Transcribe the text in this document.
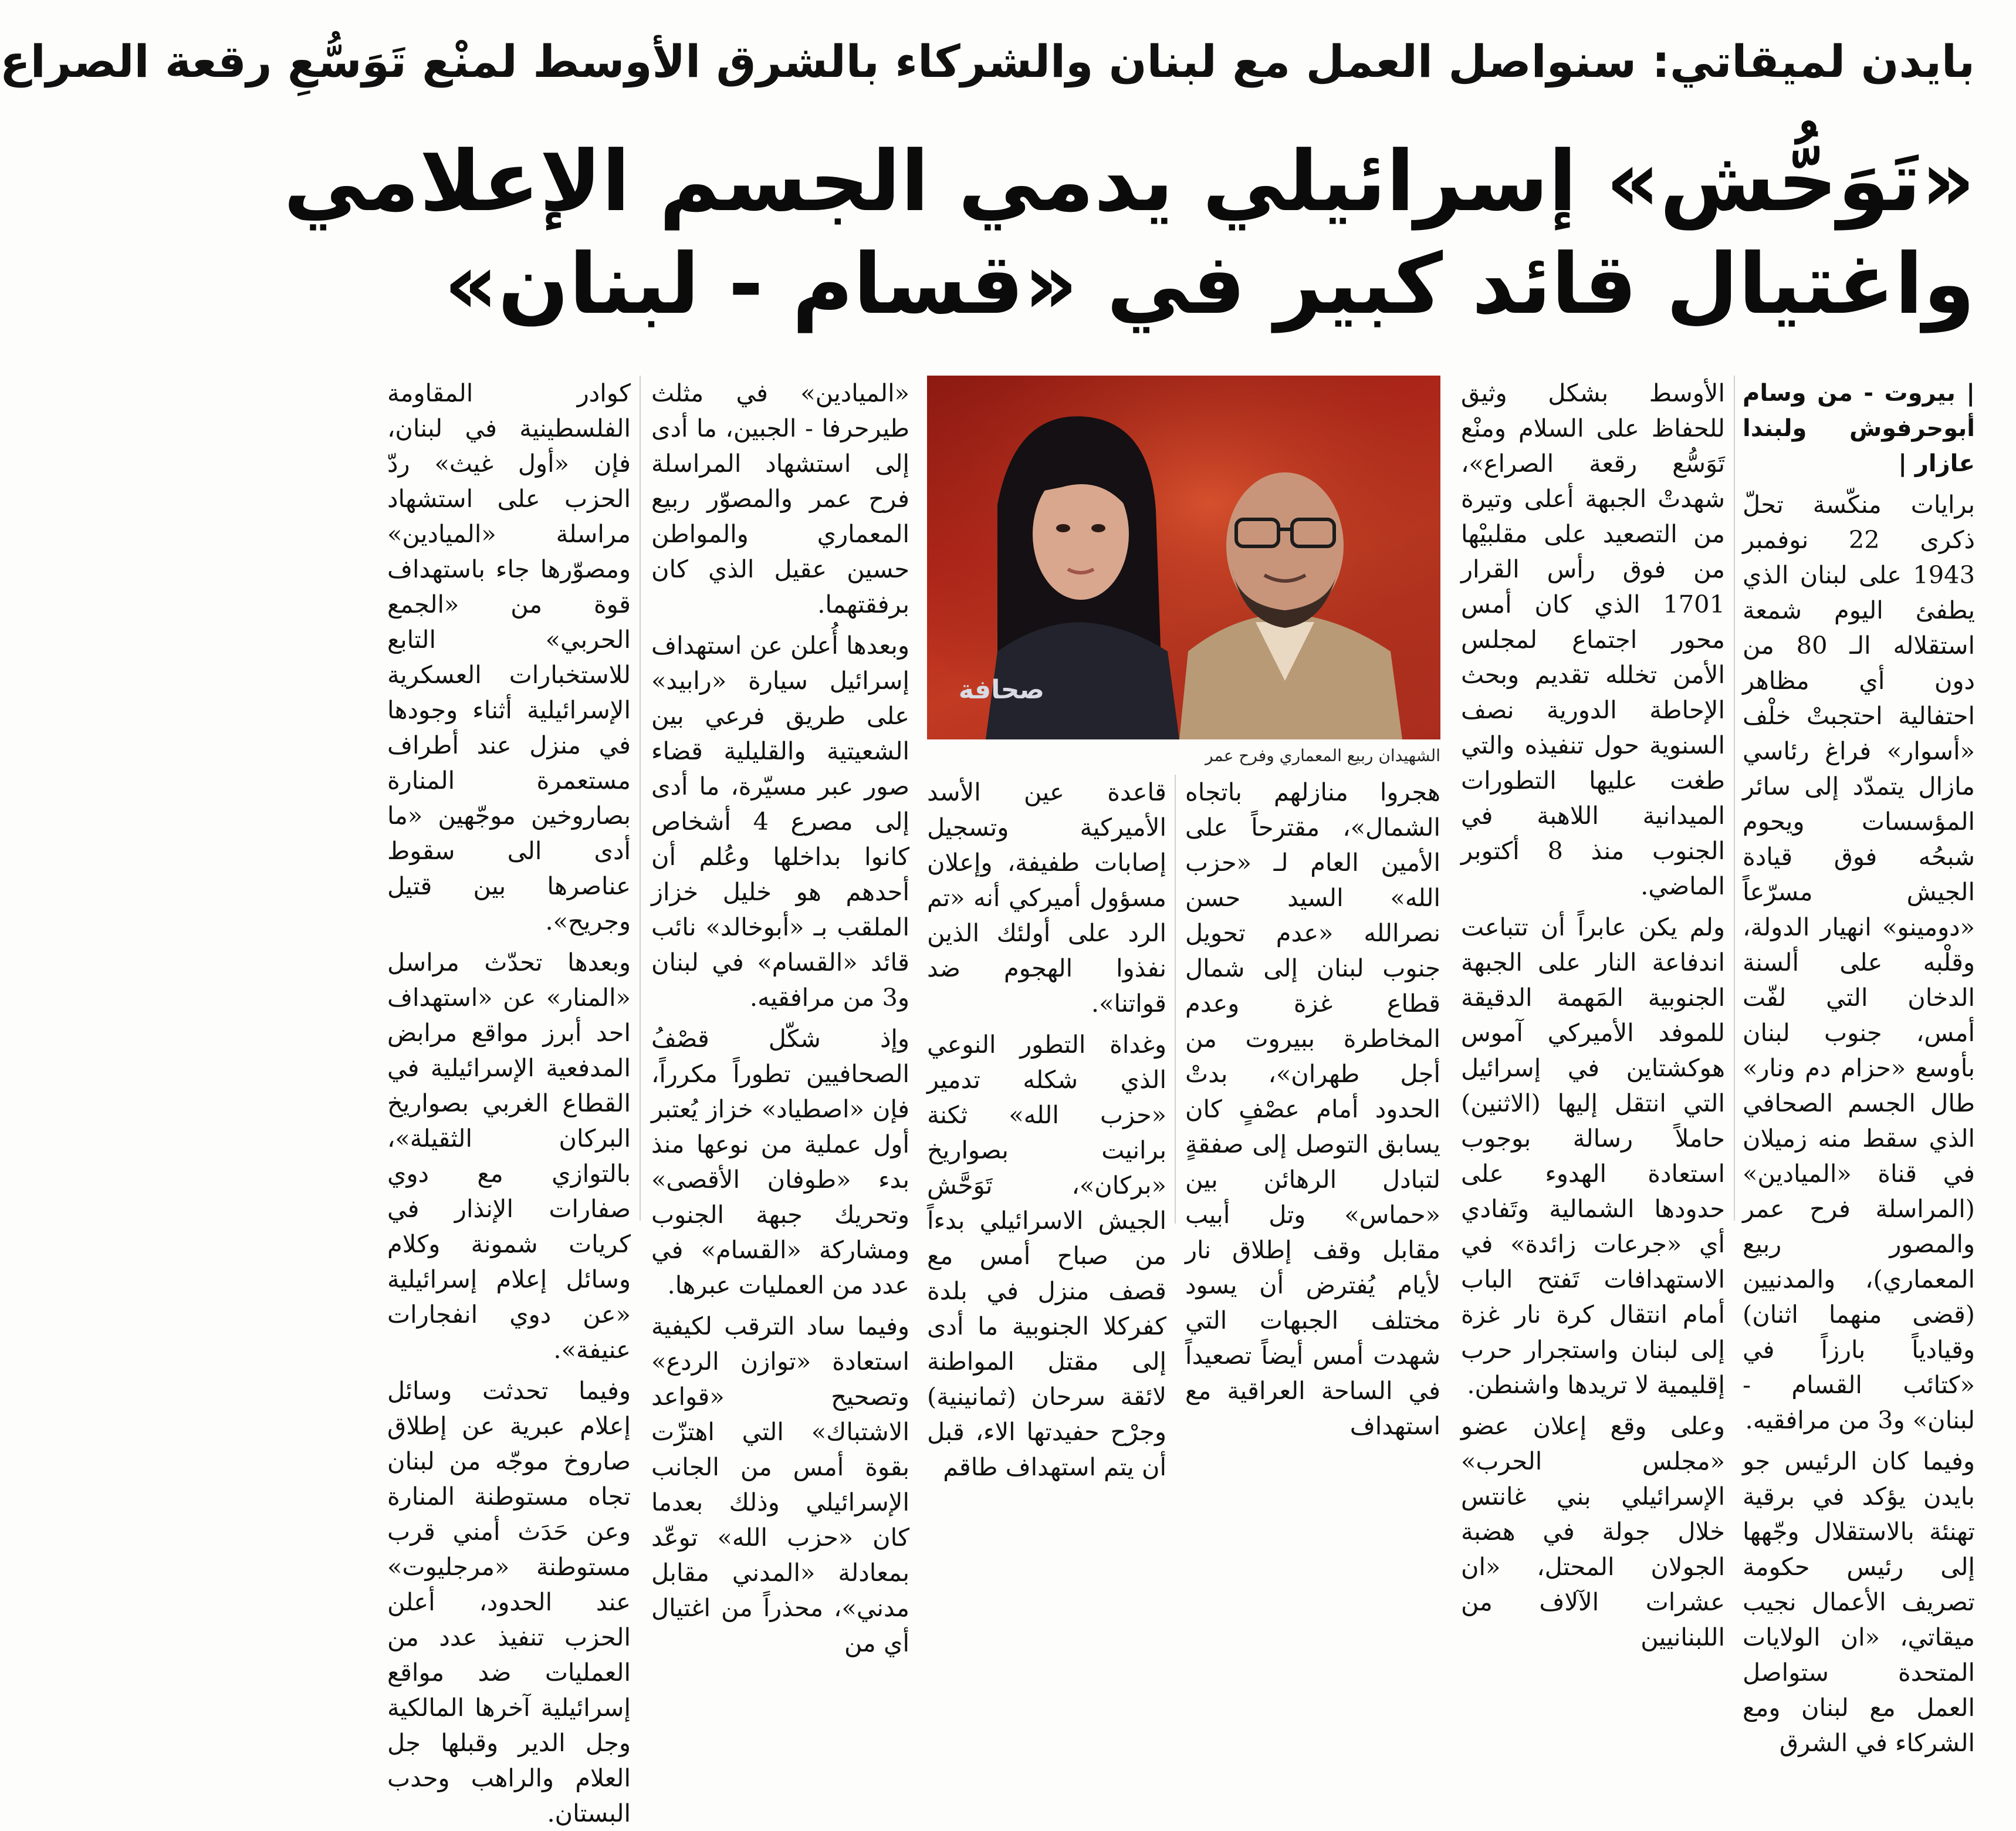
بايدن لميقاتي: سنواصل العمل مع لبنان والشركاء بالشرق الأوسط لمنْع تَوَسُّعِ رقعة الصراع
«تَوَحُّش» إسرائيلي يدمي الجسم الإعلامي
واغتيال قائد كبير في «قسام - لبنان»

| بيروت - من وسام أبوحرفوش ولبندا عازار |

برايات منكّسة تحلّ ذكرى 22 نوفمبر 1943 على لبنان الذي يطفئ اليوم شمعة استقلاله الـ 80 من دون أي مظاهر احتفالية احتجبتْ خلْف «أسوار» فراغ رئاسي مازال يتمدّد إلى سائر المؤسسات ويحوم شبحُه فوق قيادة الجيش مسرّعاً «دومينو» انهيار الدولة، وقلْبه على ألسنة الدخان التي لفّت أمس، جنوب لبنان بأوسع «حزام دم ونار» طال الجسم الصحافي الذي سقط منه زميلان في قناة «الميادين» (المراسلة فرح عمر والمصور ربيع المعماري)، والمدنيين (قضى منهما اثنان) وقيادياً بارزاً في «كتائب القسام - لبنان» و3 من مرافقيه.

وفيما كان الرئيس جو بايدن يؤكد في برقية تهنئة بالاستقلال وجّهها إلى رئيس حكومة تصريف الأعمال نجيب ميقاتي، «ان الولايات المتحدة ستواصل العمل مع لبنان ومع الشركاء في الشرق

الأوسط بشكل وثيق للحفاظ على السلام ومنْع تَوَسُّع رقعة الصراع»، شهدتْ الجبهة أعلى وتيرة من التصعيد على مقلبيْها من فوق رأس القرار 1701 الذي كان أمس محور اجتماع لمجلس الأمن تخلله تقديم وبحث الإحاطة الدورية نصف السنوية حول تنفيذه والتي طغت عليها التطورات الميدانية اللاهبة في الجنوب منذ 8 أكتوبر الماضي.

ولم يكن عابراً أن تتباعت اندفاعة النار على الجبهة الجنوبية المَهمة الدقيقة للموفد الأميركي آموس هوكشتاين في إسرائيل التي انتقل إليها (الاثنين) حاملاً رسالة بوجوب استعادة الهدوء على حدودها الشمالية وتَفادي أي «جرعات زائدة» في الاستهدافات تَفتح الباب أمام انتقال كرة نار غزة إلى لبنان واستجرار حرب إقليمية لا تريدها واشنطن.

وعلى وقع إعلان عضو «مجلس الحرب» الإسرائيلي بني غانتس خلال جولة في هضبة الجولان المحتل، «ان عشرات الآلاف من اللبنانيين

صحافة
الشهيدان ربيع المعماري وفرح عمر

هجروا منازلهم باتجاه الشمال»، مقترحاً على الأمين العام لـ «حزب الله» السيد حسن نصرالله «عدم تحويل جنوب لبنان إلى شمال قطاع غزة وعدم المخاطرة ببيروت من أجل طهران»، بدتْ الحدود أمام عصْفٍ كان يسابق التوصل إلى صفقةٍ لتبادل الرهائن بين «حماس» وتل أبيب مقابل وقف إطلاق نار لأيام يُفترض أن يسود مختلف الجبهات التي شهدت أمس أيضاً تصعيداً في الساحة العراقية مع استهداف

قاعدة عين الأسد الأميركية وتسجيل إصابات طفيفة، وإعلان مسؤول أميركي أنه «تم الرد على أولئك الذين نفذوا الهجوم ضد قواتنا».

وغداة التطور النوعي الذي شكله تدمير «حزب الله» ثكنة برانيت بصواريخ «بركان»، تَوَحَّش الجيش الاسرائيلي بدءاً من صباح أمس مع قصف منزل في بلدة كفركلا الجنوبية ما أدى إلى مقتل المواطنة لائقة سرحان (ثمانينية) وجرْح حفيدتها الاء، قبل أن يتم استهداف طاقم

«الميادين» في مثلث طيرحرفا - الجبين، ما أدى إلى استشهاد المراسلة فرح عمر والمصوّر ربيع المعماري والمواطن حسين عقيل الذي كان برفقتهما.

وبعدها أُعلن عن استهداف إسرائيل سيارة «رابيد» على طريق فرعي بين الشعيتية والقليلية قضاء صور عبر مسيّرة، ما أدى إلى مصرع 4 أشخاص كانوا بداخلها وعُلم أن أحدهم هو خليل خزاز الملقب بـ «أبوخالد» نائب قائد «القسام» في لبنان و3 من مرافقيه.

وإذ شكّل قصْفُ الصحافيين تطوراً مكرراً، فإن «اصطياد» خزاز يُعتبر أول عملية من نوعها منذ بدء «طوفان الأقصى» وتحريك جبهة الجنوب ومشاركة «القسام» في عدد من العمليات عبرها.

وفيما ساد الترقب لكيفية استعادة «توازن الردع» وتصحيح «قواعد الاشتباك» التي اهتزّت بقوة أمس من الجانب الإسرائيلي وذلك بعدما كان «حزب الله» توعّد بمعادلة «المدني مقابل مدني»، محذراً من اغتيال أي من

كوادر المقاومة الفلسطينية في لبنان، فإن «أول غيث» ردّ الحزب على استشهاد مراسلة «الميادين» ومصوّرها جاء باستهداف قوة من «الجمع الحربي» التابع للاستخبارات العسكرية الإسرائيلية أثناء وجودها في منزل عند أطراف مستعمرة المنارة بصاروخين موجّهين «ما أدى الى سقوط عناصرها بين قتيل وجريح».

وبعدها تحدّث مراسل «المنار» عن «استهداف احد أبرز مواقع مرابض المدفعية الإسرائيلية في القطاع الغربي بصواريخ البركان الثقيلة»، بالتوازي مع دوي صفارات الإنذار في كريات شمونة وكلام وسائل إعلام إسرائيلية «عن دوي انفجارات عنيفة».

وفيما تحدثت وسائل إعلام عبرية عن إطلاق صاروخ موجّه من لبنان تجاه مستوطنة المنارة وعن حَدَث أمني قرب مستوطنة «مرجليوت» عند الحدود، أعلن الحزب تنفيذ عدد من العمليات ضد مواقع إسرائيلية آخرها المالكية وجل الدير وقبلها جل العلام والراهب وحدب البستان.
